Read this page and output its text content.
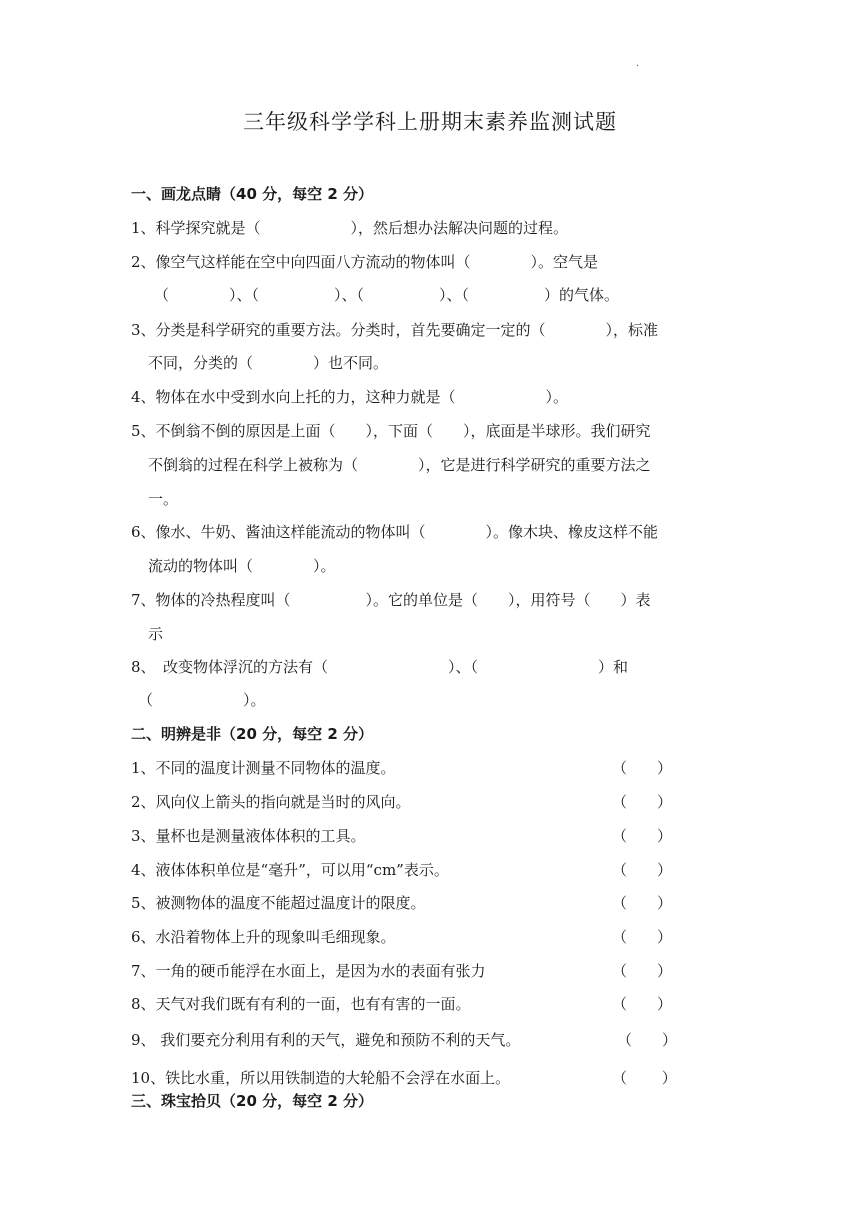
.
三年级科学学科上册期末素养监测试题
一、画龙点睛（40 分，每空 2 分）
1、科学探究就是（　　　　　　），然后想办法解决问题的过程。
2、像空气这样能在空中向四面八方流动的物体叫（　　　　）。空气是
（　　　　）、（　　　　　）、（　　　　　）、（　　　　　）的气体。
3、分类是科学研究的重要方法。分类时，首先要确定一定的（　　　　），标准
不同，分类的（　　　　）也不同。
4、物体在水中受到水向上托的力，这种力就是（　　　　　　）。
5、不倒翁不倒的原因是上面（　　），下面（　　），底面是半球形。我们研究
不倒翁的过程在科学上被称为（　　　　），它是进行科学研究的重要方法之
一。
6、像水、牛奶、酱油这样能流动的物体叫（　　　　）。像木块、橡皮这样不能
流动的物体叫（　　　　）。
7、物体的冷热程度叫（　　　　　）。它的单位是（　　），用符号（　　）表
示
8、　改变物体浮沉的方法有（　　　　　　　　）、（　　　　　　　　）和
（　　　　　　）。
二、明辨是非（20 分，每空 2 分）
1、不同的温度计测量不同物体的温度。	（　　）
2、风向仪上箭头的指向就是当时的风向。	（　　）
3、量杯也是测量液体体积的工具。	（　　）
4、液体体积单位是“毫升”，可以用“cm”表示。	（　　）
5、被测物体的温度不能超过温度计的限度。	（　　）
6、水沿着物体上升的现象叫毛细现象。	（　　）
7、一角的硬币能浮在水面上，是因为水的表面有张力	（　　）
8、天气对我们既有有利的一面，也有有害的一面。	（　　）
9、 我们要充分利用有利的天气，避免和预防不利的天气。	（　　）
10、铁比水重，所以用铁制造的大轮船不会浮在水面上。	（　　 ）
三、珠宝拾贝（20 分，每空 2 分）
